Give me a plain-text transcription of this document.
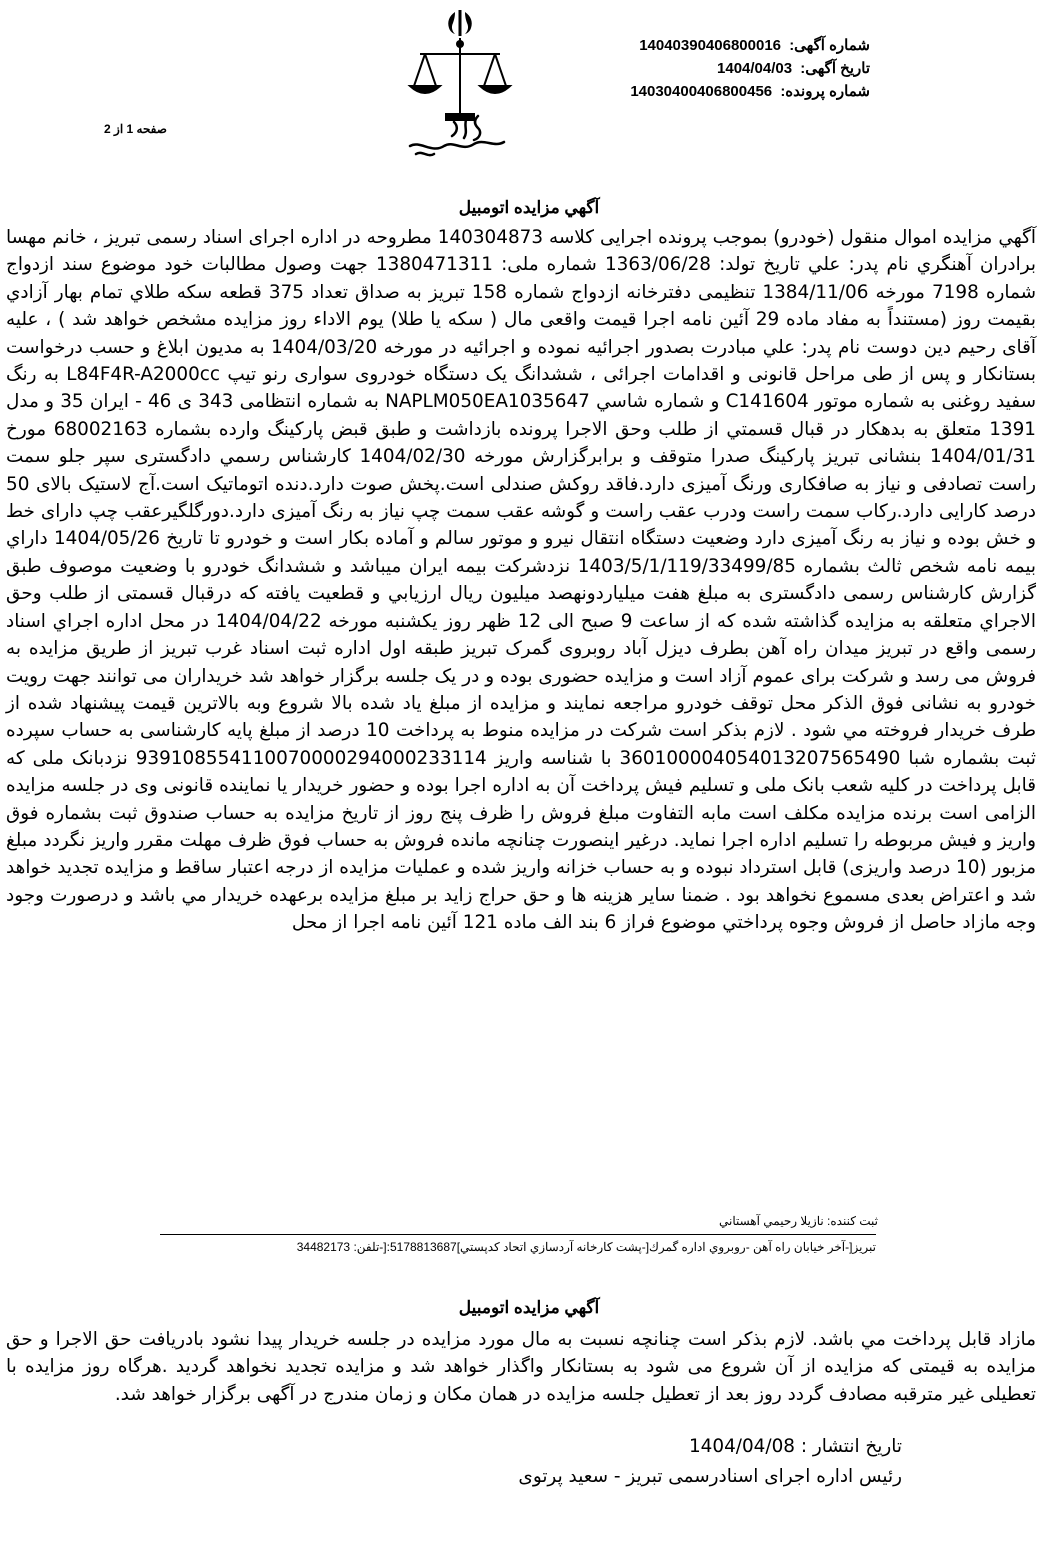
شماره آگهی: 14040390406800016
تاریخ آگهی: 1404/04/03
شماره پرونده: 14030400406800456
صفحه 1 از 2
آگهي مزايده اتومبيل

آگهي مزايده اموال منقول (خودرو) بموجب پرونده اجرايى كلاسه 140304873 مطروحه در اداره اجرای اسناد رسمی تبریز ، خانم مهسا برادران آهنگري نام پدر: علي تاریخ تولد: 1363/06/28 شماره ملی: 1380471311 جهت وصول مطالبات خود موضوع سند ازدواج شماره 7198 مورخه 1384/11/06 تنظیمی دفترخانه ازدواج شماره 158 تبریز به صداق تعداد 375 قطعه سكه طلاي تمام بهار آزادي بقيمت روز (مستنداً به مفاد ماده 29 آئین نامه اجرا قیمت واقعی مال ( سكه يا طلا) يوم الاداء روز مزايده مشخص خواهد شد ) ، علیه آقای رحیم دين دوست نام پدر: علي مبادرت بصدور اجرائیه نموده و اجرائیه در مورخه 1404/03/20 به مديون ابلاغ و حسب درخواست بستانكار و پس از طی مراحل قانونی و اقدامات اجرائی ، ششدانگ یک دستگاه خودروی سواری رنو تیپ L84F4R-A2000cc به رنگ سفيد روغنی به شماره موتور C141604 و شماره شاسي NAPLM050EA1035647 به شماره انتظامی 343 ی 46 - ایران 35 و مدل 1391 متعلق به بدهكار در قبال قسمتي از طلب وحق الاجرا پرونده بازداشت و طبق قبض پاركينگ وارده بشماره 68002163 مورخ 1404/01/31 بنشانی تبریز پاركينگ صدرا متوقف و برابرگزارش مورخه 1404/02/30 كارشناس رسمي دادگستری سپر جلو سمت راست تصادفی و نياز به صافكاری ورنگ آميزی دارد.فاقد روكش صندلی است.پخش صوت دارد.دنده اتوماتيک است.آج لاستيک بالای 50 درصد كارايی دارد.ركاب سمت راست ودرب عقب راست و گوشه عقب سمت چپ نياز به رنگ آميزی دارد.دورگلگيرعقب چپ دارای خط و خش بوده و نياز به رنگ آميزی دارد وضعيت دستگاه انتقال نيرو و موتور سالم و آماده بكار است و خودرو تا تاريخ 1404/05/26 داراي بيمه نامه شخص ثالث بشماره 1403/5/1/119/33499/85 نزدشركت بيمه ايران ميباشد و ششدانگ خودرو با وضعيت موصوف طبق گزارش کارشناس رسمی دادگستری به مبلغ هفت ميلياردونهصد ميليون ريال ارزيابي و قطعيت يافته كه درقبال قسمتی از طلب وحق الاجراي متعلقه به مزايده گذاشته شده كه از ساعت 9 صبح الی 12 ظهر روز يكشنبه مورخه 1404/04/22 در محل اداره اجراي اسناد رسمی واقع در تبریز ميدان راه آهن بطرف ديزل آباد روبروی گمرک تبریز طبقه اول اداره ثبت اسناد غرب تبریز از طریق مزايده به فروش می رسد و شرکت برای عموم آزاد است و مزايده حضوری بوده و در یک جلسه برگزار خواهد شد خريداران می توانند جهت رويت خودرو به نشانی فوق الذکر محل توقف خودرو مراجعه نمايند و مزايده از مبلغ ياد شده بالا شروع وبه بالاترين قيمت پيشنهاد شده از طرف خريدار فروخته مي شود . لازم بذكر است شرکت در مزايده منوط به پرداخت 10 درصد از مبلغ پايه كارشناسی به حساب سپرده ثبت بشماره شبا 360100004054013207565490 با شناسه واريز 939108554110070000294000233114 نزدبانک ملی كه قابل پرداخت در كليه شعب بانک ملی و تسليم فيش پرداخت آن به اداره اجرا بوده و حضور خريدار يا نماينده قانونی وی در جلسه مزايده الزامی است برنده مزايده مكلف است مابه التفاوت مبلغ فروش را ظرف پنج روز از تاريخ مزايده به حساب صندوق ثبت بشماره فوق واريز و فيش مربوطه را تسليم اداره اجرا نمايد. درغير اينصورت چنانچه مانده فروش به حساب فوق ظرف مهلت مقرر واريز نگردد مبلغ مزبور (10 درصد واريزی) قابل استرداد نبوده و به حساب خزانه واريز شده و عمليات مزايده از درجه اعتبار ساقط و مزايده تجديد خواهد شد و اعتراض بعدی مسموع نخواهد بود . ضمنا ساير هزينه ها و حق حراج زايد بر مبلغ مزايده برعهده خريدار مي باشد و درصورت وجود وجه مازاد حاصل از فروش وجوه پرداختي موضوع فراز 6 بند الف ماده 121 آئین نامه اجرا از محل

ثبت كننده: نازيلا رحيمي آهستاني
تبريز[-آخر خيابان راه آهن -روبروي اداره گمرك[-پشت كارخانه آردسازي اتحاد كدپستي]5178813687:[-تلفن: 34482173
آگهي مزايده اتومبيل

مازاد قابل پرداخت مي باشد. لازم بذكر است چنانچه نسبت به مال مورد مزايده در جلسه خريدار پيدا نشود بادريافت حق الاجرا و حق مزايده به قيمتی كه مزايده از آن شروع می شود به بستانكار واگذار خواهد شد و مزايده تجديد نخواهد گرديد .هرگاه روز مزايده با تعطيلی غير مترقبه مصادف گردد روز بعد از تعطيل جلسه مزايده در همان مكان و زمان مندرج در آگهی برگزار خواهد شد.

تاريخ انتشار : 1404/04/08
رئيس اداره اجرای اسنادرسمی تبريز - سعيد پرتوی
